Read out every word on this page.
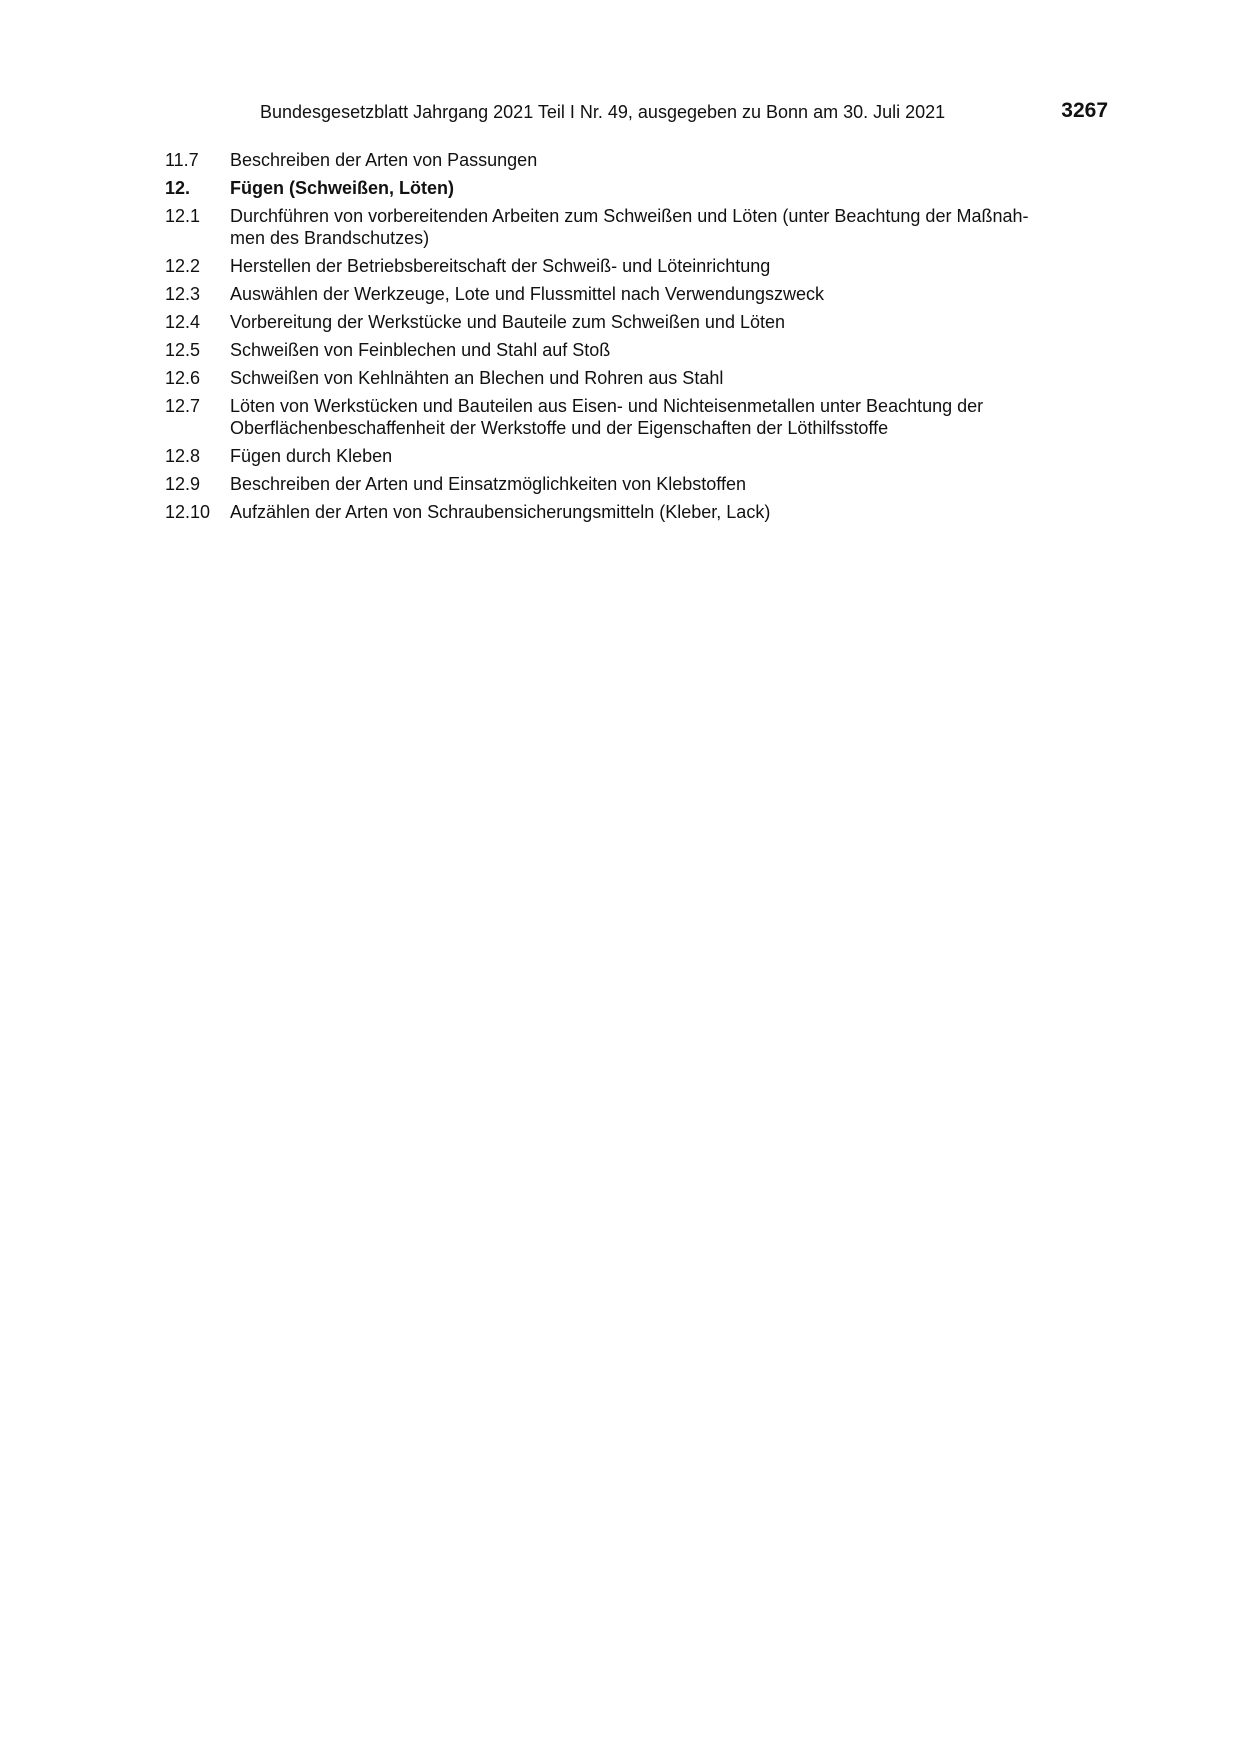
Bundesgesetzblatt Jahrgang 2021 Teil I Nr. 49, ausgegeben zu Bonn am 30. Juli 2021	3267
11.7	Beschreiben der Arten von Passungen
12.	Fügen (Schweißen, Löten)
12.1	Durchführen von vorbereitenden Arbeiten zum Schweißen und Löten (unter Beachtung der Maßnah-
men des Brandschutzes)
12.2	Herstellen der Betriebsbereitschaft der Schweiß- und Löteinrichtung
12.3	Auswählen der Werkzeuge, Lote und Flussmittel nach Verwendungszweck
12.4	Vorbereitung der Werkstücke und Bauteile zum Schweißen und Löten
12.5	Schweißen von Feinblechen und Stahl auf Stoß
12.6	Schweißen von Kehlnähten an Blechen und Rohren aus Stahl
12.7	Löten von Werkstücken und Bauteilen aus Eisen- und Nichteisenmetallen unter Beachtung der
Oberflächenbeschaffenheit der Werkstoffe und der Eigenschaften der Löthilfsstoffe
12.8	Fügen durch Kleben
12.9	Beschreiben der Arten und Einsatzmöglichkeiten von Klebstoffen
12.10	Aufzählen der Arten von Schraubensicherungsmitteln (Kleber, Lack)
